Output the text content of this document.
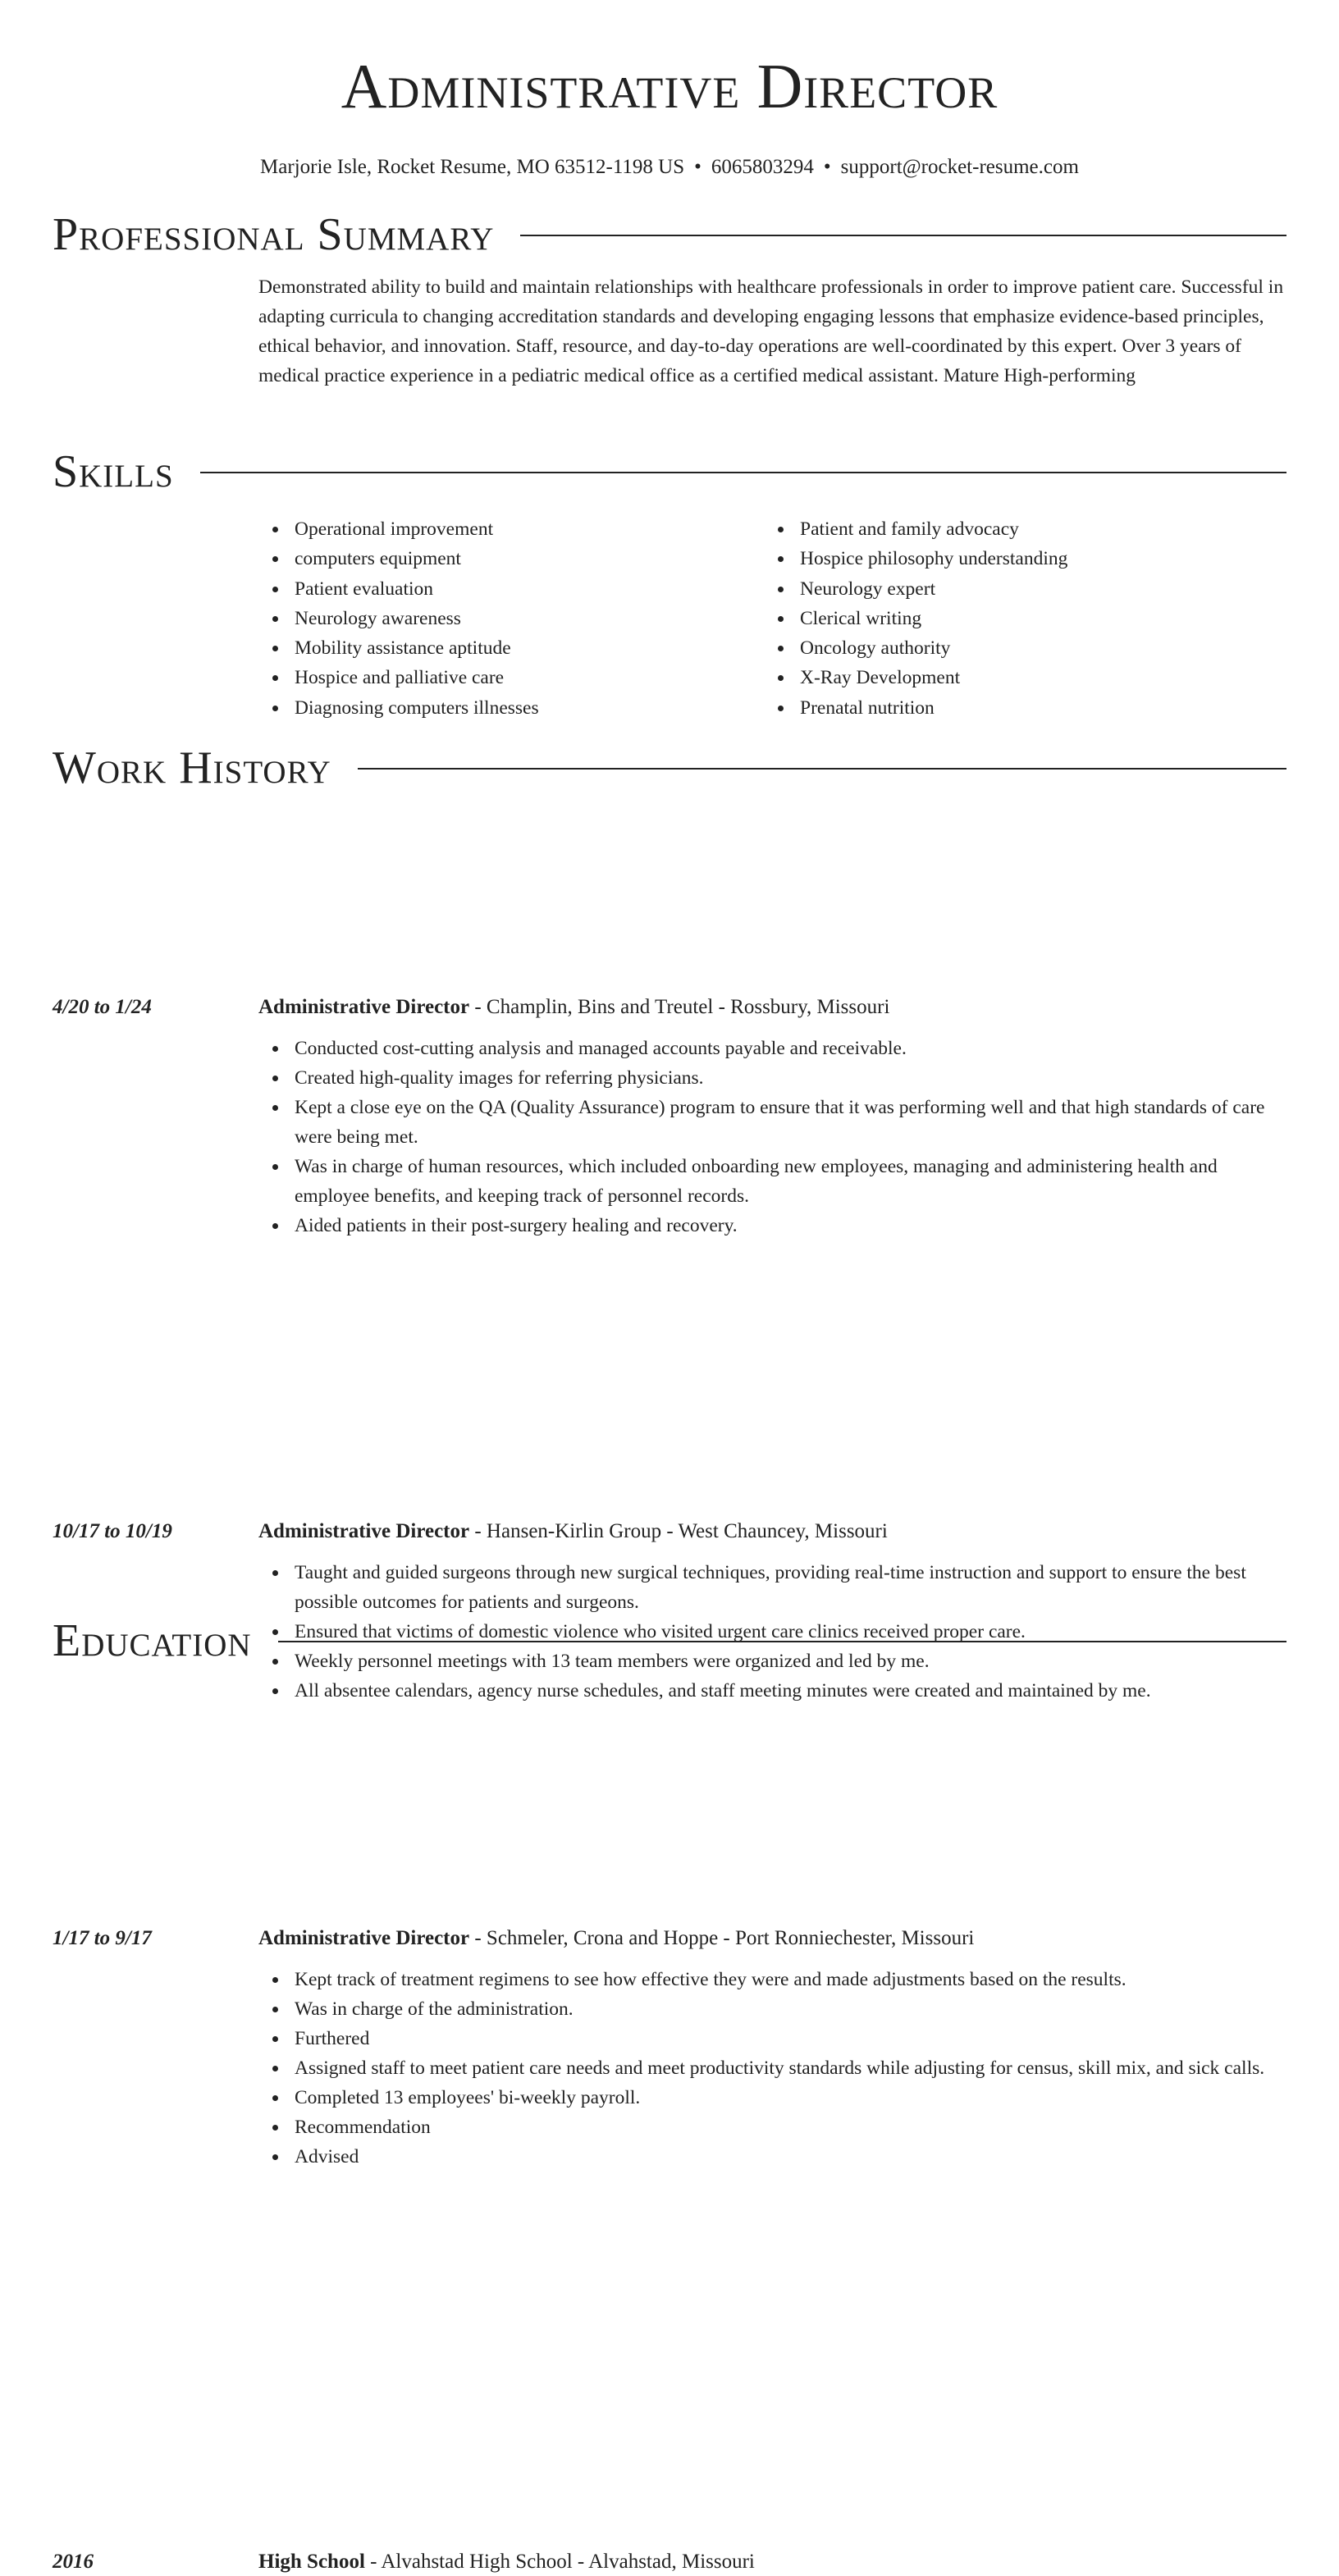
Administrative Director
Marjorie Isle, Rocket Resume, MO 63512-1198 US • 6065803294 • support@rocket-resume.com
Professional Summary
Demonstrated ability to build and maintain relationships with healthcare professionals in order to improve patient care. Successful in adapting curricula to changing accreditation standards and developing engaging lessons that emphasize evidence-based principles, ethical behavior, and innovation. Staff, resource, and day-to-day operations are well-coordinated by this expert. Over 3 years of medical practice experience in a pediatric medical office as a certified medical assistant. Mature High-performing
Skills
Operational improvement
computers equipment
Patient evaluation
Neurology awareness
Mobility assistance aptitude
Hospice and palliative care
Diagnosing computers illnesses
Patient and family advocacy
Hospice philosophy understanding
Neurology expert
Clerical writing
Oncology authority
X-Ray Development
Prenatal nutrition
Work History
4/20 to 1/24	Administrative Director - Champlin, Bins and Treutel - Rossbury, Missouri
Conducted cost-cutting analysis and managed accounts payable and receivable.
Created high-quality images for referring physicians.
Kept a close eye on the QA (Quality Assurance) program to ensure that it was performing well and that high standards of care were being met.
Was in charge of human resources, which included onboarding new employees, managing and administering health and employee benefits, and keeping track of personnel records.
Aided patients in their post-surgery healing and recovery.
10/17 to 10/19	Administrative Director - Hansen-Kirlin Group - West Chauncey, Missouri
Taught and guided surgeons through new surgical techniques, providing real-time instruction and support to ensure the best possible outcomes for patients and surgeons.
Ensured that victims of domestic violence who visited urgent care clinics received proper care.
Weekly personnel meetings with 13 team members were organized and led by me.
All absentee calendars, agency nurse schedules, and staff meeting minutes were created and maintained by me.
1/17 to 9/17	Administrative Director - Schmeler, Crona and Hoppe - Port Ronniechester, Missouri
Kept track of treatment regimens to see how effective they were and made adjustments based on the results.
Was in charge of the administration.
Furthered
Assigned staff to meet patient care needs and meet productivity standards while adjusting for census, skill mix, and sick calls.
Completed 13 employees' bi-weekly payroll.
Recommendation
Advised
Education
2016	High School - Alvahstad High School - Alvahstad, Missouri
